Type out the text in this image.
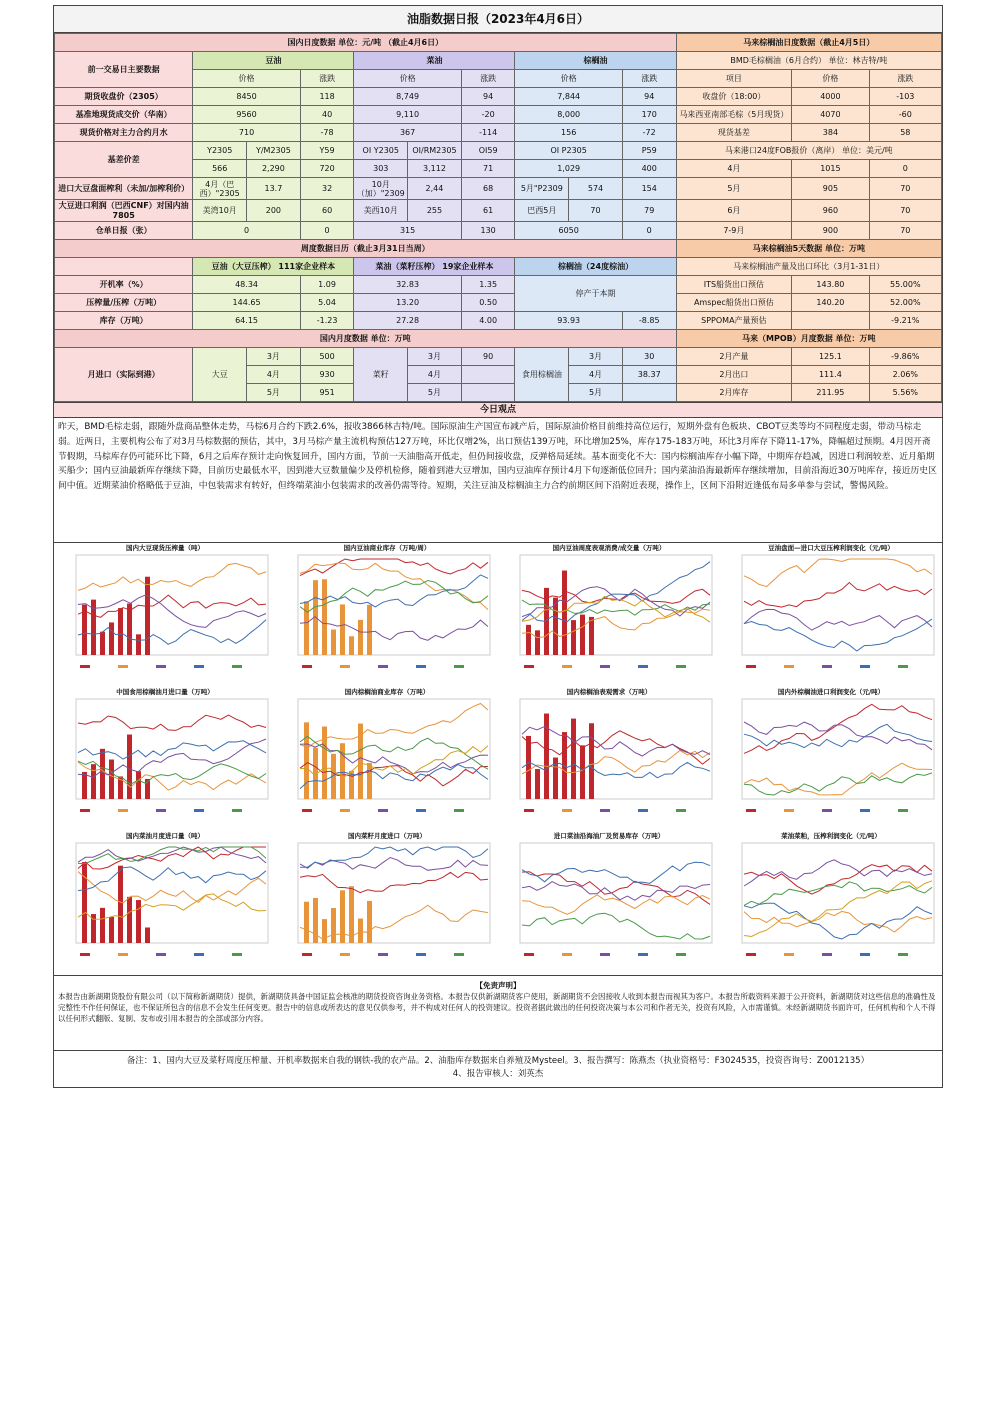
油脂数据日报（2023年4月6日）
国内日度数据 单位：元/吨 （截止4月6日）										马来棕榈油日度数据（截止4月5日）		
前一交易日主要数据	豆油			菜油			棕榈油			BMD毛棕榈油（6月合约） 单位：林吉特/吨		
	价格		涨跌	价格		涨跌	价格		涨跌	项目	价格	涨跌
期货收盘价（2305）	8450		118	8,749		94	7,844		94	收盘价（18:00）	4000	-103
基准地现货成交价（华南）	9560		40	9,110		-20	8,000		170	马来西亚南部毛棕（5月现货）	4070	-60
现货价格对主力合约月水	710		-78	367		-114	156		-72	现货基差	384	58
基差价差	Y2305	Y/M2305	Y59	OI Y2305	OI/RM2305	OI59	OI P2305		P59	马来港口24度FOB报价（离岸） 单位：美元/吨		
	566	2,290	720	303	3,112	71	1,029		400	4月	1015	0
进口大豆盘面榨利（未加/加榨利价）	4月（巴西）"2305	13.7	32	10月（加）"2309	2,44	68	5月"P2309	574	154	5月	905	70
大豆进口利润（巴西CNF）对国内油7805	美湾10月	200	60	美西10月	255	61	巴西5月	70	79	6月	960	70
仓单日报（张）	0		0	315		130	6050		0	7-9月	900	70
周度数据日历（截止3月31日当周）										马来棕榈油5天数据 单位：万吨		
	豆油（大豆压榨） 111家企业样本			菜油（菜籽压榨） 19家企业样本			棕榈油（24度棕油）			马来棕榈油产量及出口环比（3月1-31日）		
开机率（%）	48.34		1.09	32.83		1.35	停产于本期			ITS船货出口预估	143.80	55.00%
压榨量/压榨（万吨）	144.65		5.04	13.20		0.50				Amspec船货出口预估	140.20	52.00%
库存（万吨）	64.15		-1.23	27.28		4.00	93.93		-8.85	SPPOMA产量预估		-9.21%
国内月度数据 单位：万吨										马来（MPOB）月度数据 单位：万吨		
月进口（实际到港）	大豆	3月	500	菜籽	3月	90	食用棕榈油	3月	30	2月产量	125.1	-9.86%
		4月	930		4月			4月	38.37	2月出口	111.4	2.06%
		5月	951		5月			5月		2月库存	211.95	5.56%
今日观点
昨天，BMD毛棕走弱，跟随外盘商品整体走势，马棕6月合约下跌2.6%，报收3866林吉特/吨。国际原油生产国宣布减产后，国际原油价格目前维持高位运行，短期外盘有色板块、CBOT豆类等均不同程度走弱，带动马棕走弱。近两日，主要机构公布了对3月马棕数据的预估，其中，3月马棕产量主流机构预估127万吨，环比仅增2%，出口预估139万吨，环比增加25%，库存175-183万吨，环比3月库存下降11-17%，降幅超过预期。4月因开斋节假期，马棕库存仍可能环比下降，6月之后库存预计走向恢复回升，国内方面，节前一天油脂高开低走，但仍间接收盘，反弹格局延续。基本面变化不大：国内棕榈油库存小幅下降，中期库存趋减，因进口利润较差、近月船期买船少；国内豆油最新库存继续下降，目前历史最低水平，因到港大豆数量偏少及停机检修，随着到港大豆增加，国内豆油库存预计4月下旬逐渐低位回升；国内菜油沿海最新库存继续增加，目前沿海近30万吨库存，接近历史区间中值。近期菜油价格略低于豆油，中包装需求有转好，但终端菜油小包装需求的改善仍需等待。短期，关注豆油及棕榈油主力合约前期区间下沿附近表现，操作上，区间下沿附近逢低布局多单参与尝试，警惕风险。
国内大豆现货压榨量（吨）	国内豆油商业库存（万吨/周）	国内豆油周度表观消费/成交量（万吨）	豆油盘面—进口大豆压榨利润变化（元/吨）
中国食用棕榈油月进口量（万吨）	国内棕榈油商业库存（万吨）	国内棕榈油表观需求（万吨）	国内外棕榈油进口利润变化（元/吨）
国内菜油月度进口量（吨）	国内菜籽月度进口（万吨）	进口菜油沿海油厂及贸易库存（万吨）	菜油菜粕，压榨利润变化（元/吨）
【免责声明】
本报告由新湖期货股份有限公司（以下简称新湖期货）提供，新湖期货具备中国证监会核准的期货投资咨询业务资格。本报告仅供新湖期货客户使用，新湖期货不会因接收人收到本报告而视其为客户。本报告所载资料来源于公开资料，新湖期货对这些信息的准确性及完整性不作任何保证，也不保证所包含的信息不会发生任何变更。报告中的信息或所表达的意见仅供参考，并不构成对任何人的投资建议。投资者据此做出的任何投资决策与本公司和作者无关，投资有风险，入市需谨慎。未经新湖期货书面许可，任何机构和个人不得以任何形式翻版、复制、发布或引用本报告的全部或部分内容。
备注：1、国内大豆及菜籽周度压榨量、开机率数据来自我的钢铁-我的农产品。2、油脂库存数据来自养殖及Mysteel。3、报告撰写：陈燕杰（执业资格号：F3024535，投资咨询号：Z0012135）
4、报告审核人：刘英杰
